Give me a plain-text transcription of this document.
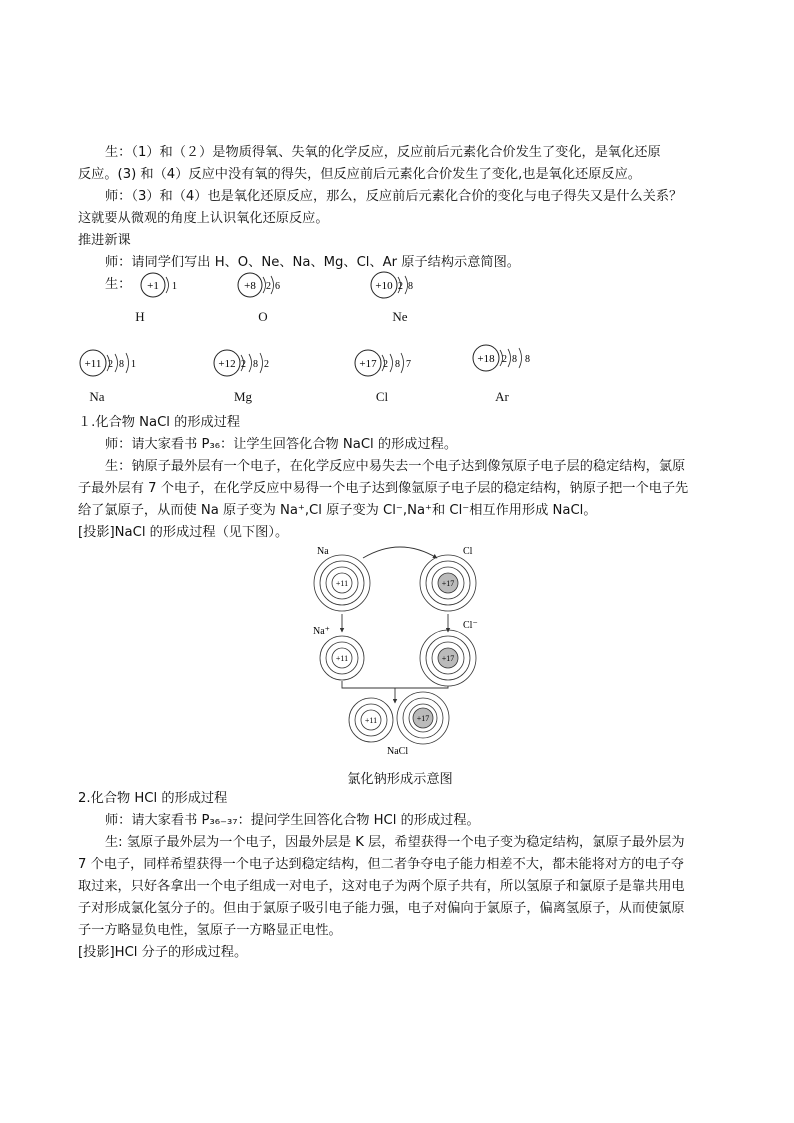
生：（1）和（２）是物质得氧、失氧的化学反应，反应前后元素化合价发生了变化，是氧化还原
反应。(3) 和（4）反应中没有氧的得失，但反应前后元素化合价发生了变化,也是氧化还原反应。
师：（3）和（4）也是氧化还原反应，那么，反应前后元素化合价的变化与电子得失又是什么关系？
这就要从微观的角度上认识氧化还原反应。
推进新课
师：请同学们写出 H、O、Ne、Na、Mg、Cl、Ar 原子结构示意简图。
生：	+1 1	+8 2 6	+10 2 8
+11 2 8 1	+12 2 8 2	+17 2 8 7	+18 2 8 8
H	O	Ne
Na	Mg	Cl	Ar
１.化合物 NaCl 的形成过程
师：请大家看书 P₃₆：让学生回答化合物 NaCl 的形成过程。
生：钠原子最外层有一个电子，在化学反应中易失去一个电子达到像氖原子电子层的稳定结构，氯原
子最外层有 7 个电子，在化学反应中易得一个电子达到像氩原子电子层的稳定结构，钠原子把一个电子先
给了氯原子，从而使 Na 原子变为 Na⁺,Cl 原子变为 Cl⁻,Na⁺和 Cl⁻相互作用形成 NaCl。
[投影]NaCl 的形成过程（见下图）。
Na	Cl
Na⁺
Cl⁻
NaCl
+11	+17
+11	+17
+11	+17
氯化钠形成示意图
2.化合物 HCl 的形成过程
师：请大家看书 P₃₆₋₃₇：提问学生回答化合物 HCl 的形成过程。
生: 氢原子最外层为一个电子，因最外层是 K 层，希望获得一个电子变为稳定结构，氯原子最外层为
7 个电子，同样希望获得一个电子达到稳定结构，但二者争夺电子能力相差不大，都未能将对方的电子夺
取过来，只好各拿出一个电子组成一对电子，这对电子为两个原子共有，所以氢原子和氯原子是靠共用电
子对形成氯化氢分子的。但由于氯原子吸引电子能力强，电子对偏向于氯原子，偏离氢原子，从而使氯原
子一方略显负电性，氢原子一方略显正电性。
[投影]HCl 分子的形成过程。
